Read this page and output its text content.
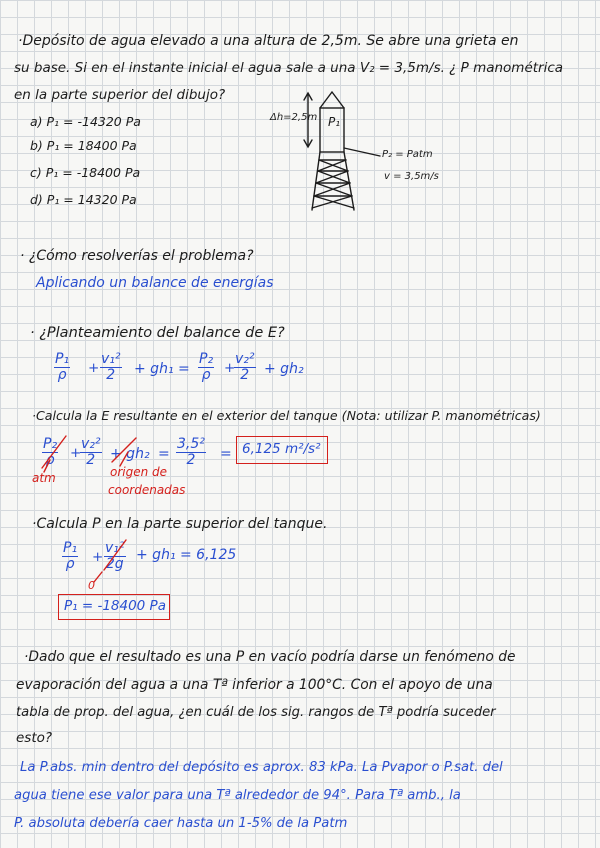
·Depósito de agua elevado a una altura de 2,5m. Se abre una grieta en
su base. Si en el instante inicial el agua sale a una V₂ = 3,5m/s. ¿ P manométrica
en la parte superior del dibujo?
a) P₁ = -14320 Pa
b) P₁ = 18400 Pa
c) P₁ = -18400 Pa
d) P₁ = 14320 Pa
Δh=2,5m P₁
P₂ = Patm
v = 3,5m/s
· ¿Cómo resolverías el problema?
Aplicando un balance de energías
· ¿Planteamiento del balance de E?
$\frac{\text{P₁}}{\rho} + \frac{\text{v₁²}}{2} + gh_1 = \frac{\text{P₂}}{\rho}$ +
$\frac{\text{v₂²}}{2} + gh_2$
·Calcula la E resultante en el exterior del tanque (Nota: utilizar P. manométricas)
$\frac{\text{P₂}}{\rho}$ +
$\frac{\text{v₂²}}{2} + gh_2 = \frac{\text{3,5²}}{2} = 6,125$ m²/s²
atm	origen de
coordenadas
·Calcula P en la parte superior del tanque.
$\frac{\text{P₁}}{\rho} + \frac{\text{v₁²}}{2g} + gh_1 = 6,125$
0
P₁ = -18400 Pa
·Dado que el resultado es una P en vacío podría darse un fenómeno de
evaporación del agua a una Tª inferior a 100°C. Con el apoyo de una
tabla de prop. del agua, ¿en cuál de los sig. rangos de Tª podría suceder
esto?
La P.abs. min dentro del depósito es aprox. 83 kPa. La Pvapor o P.sat. del
agua tiene ese valor para una Tª alrededor de 94°. Para Tª amb., la
P. absoluta debería caer hasta un 1-5% de la Patm
